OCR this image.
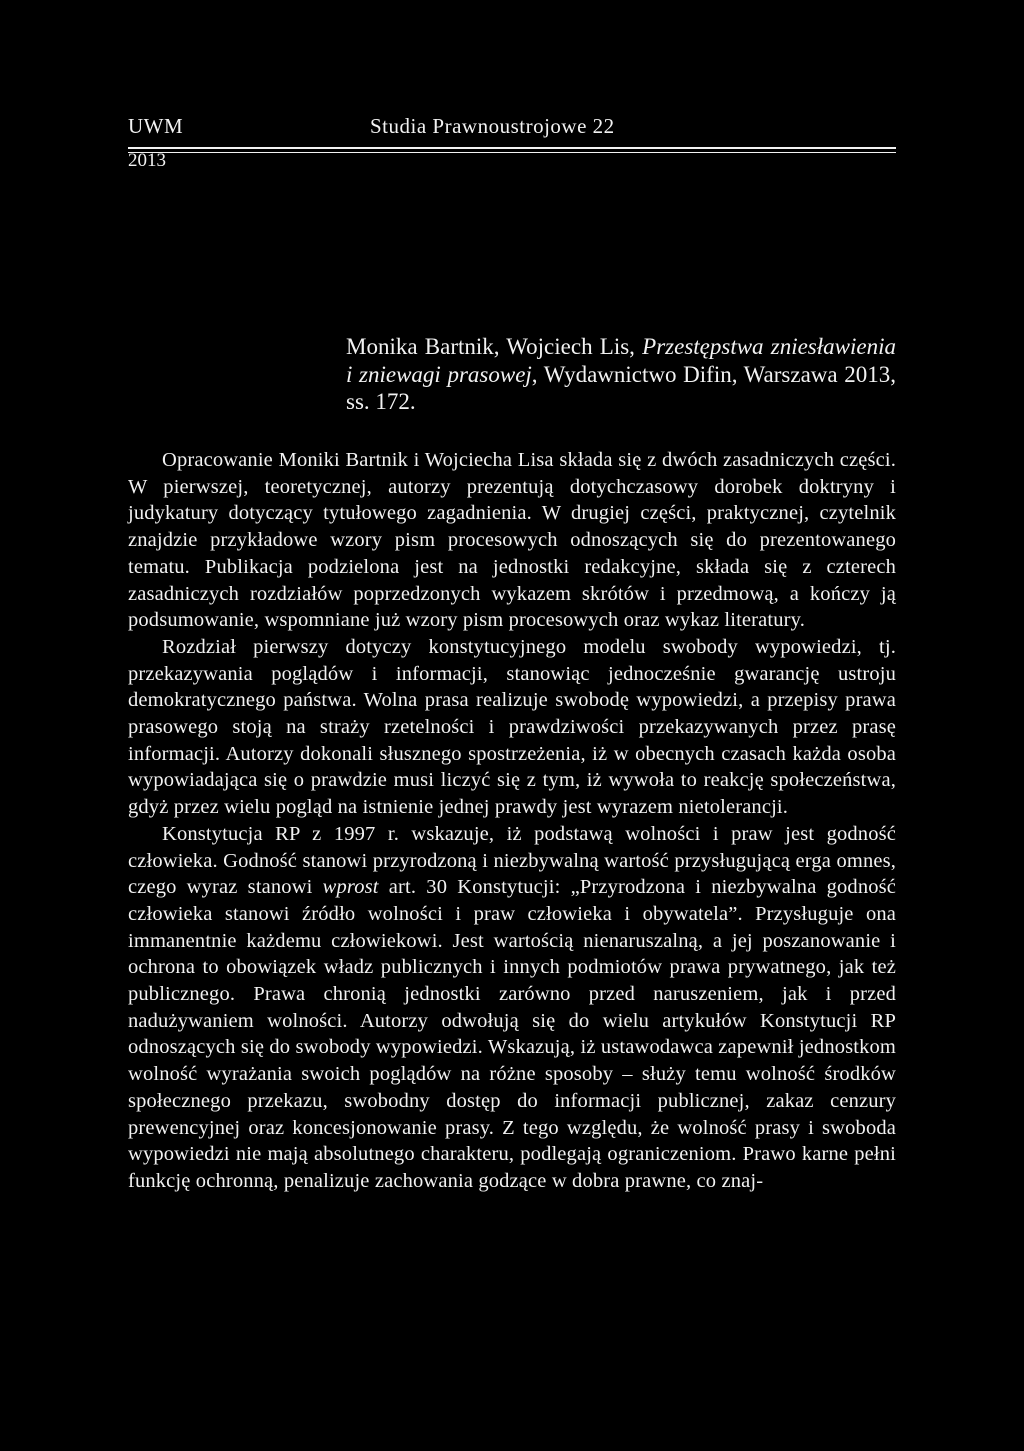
UWM	Studia Prawnoustrojowe 22
2013
Monika Bartnik, Wojciech Lis, Przestępstwa zniesławienia i zniewagi prasowej, Wydawnictwo Difin, Warszawa 2013, ss. 172.

Opracowanie Moniki Bartnik i Wojciecha Lisa składa się z dwóch zasadniczych części. W pierwszej, teoretycznej, autorzy prezentują dotychczasowy dorobek doktryny i judykatury dotyczący tytułowego zagadnienia. W drugiej części, praktycznej, czytelnik znajdzie przykładowe wzory pism procesowych odnoszących się do prezentowanego tematu. Publikacja podzielona jest na jednostki redakcyjne, składa się z czterech zasadniczych rozdziałów poprzedzonych wykazem skrótów i przedmową, a kończy ją podsumowanie, wspomniane już wzory pism procesowych oraz wykaz literatury.

Rozdział pierwszy dotyczy konstytucyjnego modelu swobody wypowiedzi, tj. przekazywania poglądów i informacji, stanowiąc jednocześnie gwarancję ustroju demokratycznego państwa. Wolna prasa realizuje swobodę wypowiedzi, a przepisy prawa prasowego stoją na straży rzetelności i prawdziwości przekazywanych przez prasę informacji. Autorzy dokonali słusznego spostrzeżenia, iż w obecnych czasach każda osoba wypowiadająca się o prawdzie musi liczyć się z tym, iż wywoła to reakcję społeczeństwa, gdyż przez wielu pogląd na istnienie jednej prawdy jest wyrazem nietolerancji.

Konstytucja RP z 1997 r. wskazuje, iż podstawą wolności i praw jest godność człowieka. Godność stanowi przyrodzoną i niezbywalną wartość przysługującą erga omnes, czego wyraz stanowi wprost art. 30 Konstytucji: „Przyrodzona i niezbywalna godność człowieka stanowi źródło wolności i praw człowieka i obywatela”. Przysługuje ona immanentnie każdemu człowiekowi. Jest wartością nienaruszalną, a jej poszanowanie i ochrona to obowiązek władz publicznych i innych podmiotów prawa prywatnego, jak też publicznego. Prawa chronią jednostki zarówno przed naruszeniem, jak i przed nadużywaniem wolności. Autorzy odwołują się do wielu artykułów Konstytucji RP odnoszących się do swobody wypowiedzi. Wskazują, iż ustawodawca zapewnił jednostkom wolność wyrażania swoich poglądów na różne sposoby – służy temu wolność środków społecznego przekazu, swobodny dostęp do informacji publicznej, zakaz cenzury prewencyjnej oraz koncesjonowanie prasy. Z tego względu, że wolność prasy i swoboda wypowiedzi nie mają absolutnego charakteru, podlegają ograniczeniom. Prawo karne pełni funkcję ochronną, penalizuje zachowania godzące w dobra prawne, co znaj-
